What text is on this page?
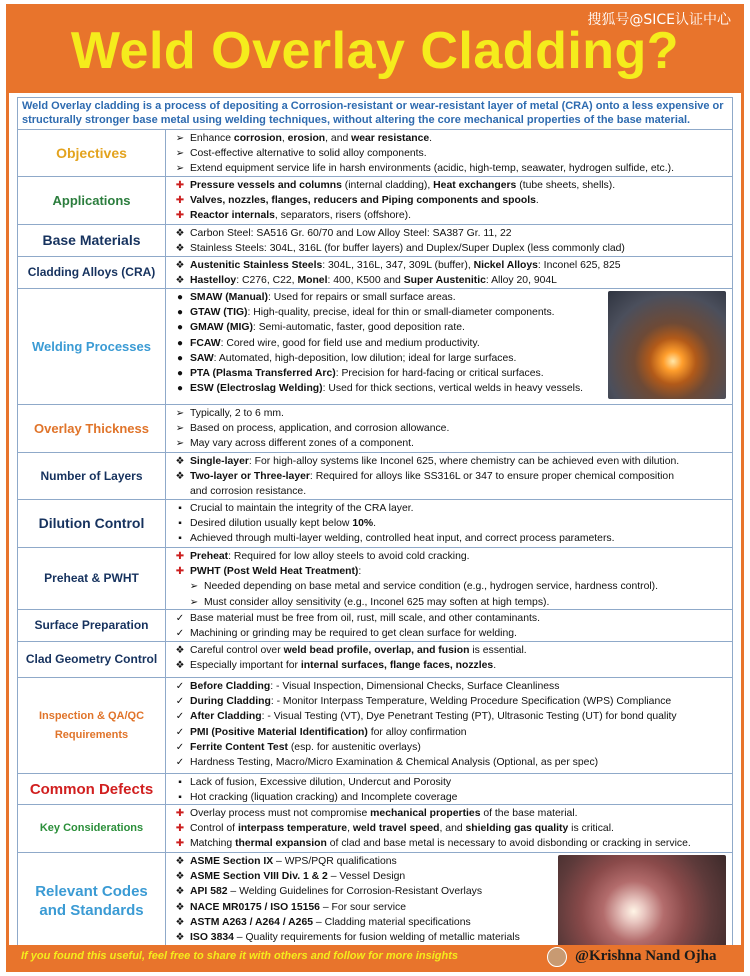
Weld Overlay Cladding?
搜狐号@SICE认证中心
Weld Overlay cladding is a process of depositing a Corrosion-resistant or wear-resistant layer of metal (CRA) onto a less expensive or structurally stronger base metal using welding techniques, without altering the core mechanical properties of the base material.
Objectives
➢ Enhance corrosion, erosion, and wear resistance.
➢ Cost-effective alternative to solid alloy components.
➢ Extend equipment service life in harsh environments (acidic, high-temp, seawater, hydrogen sulfide, etc.).
Applications
✚ Pressure vessels and columns (internal cladding), Heat exchangers (tube sheets, shells).
✚ Valves, nozzles, flanges, reducers and Piping components and spools.
✚ Reactor internals, separators, risers (offshore).
Base Materials	❖ Carbon Steel: SA516 Gr. 60/70 and Low Alloy Steel: SA387 Gr. 11, 22
❖ Stainless Steels: 304L, 316L (for buffer layers) and Duplex/Super Duplex (less commonly clad)
Cladding Alloys (CRA)	❖ Austenitic Stainless Steels: 304L, 316L, 347, 309L (buffer), Nickel Alloys: Inconel 625, 825
❖ Hastelloy: C276, C22, Monel: 400, K500 and Super Austenitic: Alloy 20, 904L
Welding Processes
● SMAW (Manual): Used for repairs or small surface areas.
● GTAW (TIG): High-quality, precise, ideal for thin or small-diameter components.
● GMAW (MIG): Semi-automatic, faster, good deposition rate.
● FCAW: Cored wire, good for field use and medium productivity.
● SAW: Automated, high-deposition, low dilution; ideal for large surfaces.
● PTA (Plasma Transferred Arc): Precision for hard-facing or critical surfaces.
● ESW (Electroslag Welding): Used for thick sections, vertical welds in heavy vessels.
Overlay Thickness
➢ Typically, 2 to 6 mm.
➢ Based on process, application, and corrosion allowance.
➢ May vary across different zones of a component.
Number of Layers
❖ Single-layer: For high-alloy systems like Inconel 625, where chemistry can be achieved even with dilution.
❖ Two-layer or Three-layer: Required for alloys like SS316L or 347 to ensure proper chemical composition
and corrosion resistance.
Dilution Control
▪ Crucial to maintain the integrity of the CRA layer.
▪ Desired dilution usually kept below 10%.
▪ Achieved through multi-layer welding, controlled heat input, and correct process parameters.
Preheat & PWHT
✚ Preheat: Required for low alloy steels to avoid cold cracking.
✚ PWHT (Post Weld Heat Treatment):
➢ Needed depending on base metal and service condition (e.g., hydrogen service, hardness control).
➢ Must consider alloy sensitivity (e.g., Inconel 625 may soften at high temps).
Surface Preparation	✓ Base material must be free from oil, rust, mill scale, and other contaminants.
✓ Machining or grinding may be required to get clean surface for welding.
Clad Geometry Control
❖ Careful control over weld bead profile, overlap, and fusion is essential.
❖ Especially important for internal surfaces, flange faces, nozzles.
Inspection & QA/QC Requirements
✓ Before Cladding: - Visual Inspection, Dimensional Checks, Surface Cleanliness
✓ During Cladding: - Monitor Interpass Temperature, Welding Procedure Specification (WPS) Compliance
✓ After Cladding: - Visual Testing (VT), Dye Penetrant Testing (PT), Ultrasonic Testing (UT) for bond quality
✓ PMI (Positive Material Identification) for alloy confirmation
✓ Ferrite Content Test (esp. for austenitic overlays)
✓ Hardness Testing, Macro/Micro Examination & Chemical Analysis (Optional, as per spec)
Common Defects	▪ Lack of fusion, Excessive dilution, Undercut and Porosity
▪ Hot cracking (liquation cracking) and Incomplete coverage
Key Considerations
✚ Overlay process must not compromise mechanical properties of the base material.
✚ Control of interpass temperature, weld travel speed, and shielding gas quality is critical.
✚ Matching thermal expansion of clad and base metal is necessary to avoid disbonding or cracking in service.
Relevant Codes and Standards
❖ ASME Section IX – WPS/PQR qualifications
❖ ASME Section VIII Div. 1 & 2 – Vessel Design
❖ API 582 – Welding Guidelines for Corrosion-Resistant Overlays
❖ NACE MR0175 / ISO 15156 – For sour service
❖ ASTM A263 / A264 / A265 – Cladding material specifications
❖ ISO 3834 – Quality requirements for fusion welding of metallic materials
If you found this useful, feel free to share it with others and follow for more insights	@Krishna Nand Ojha
